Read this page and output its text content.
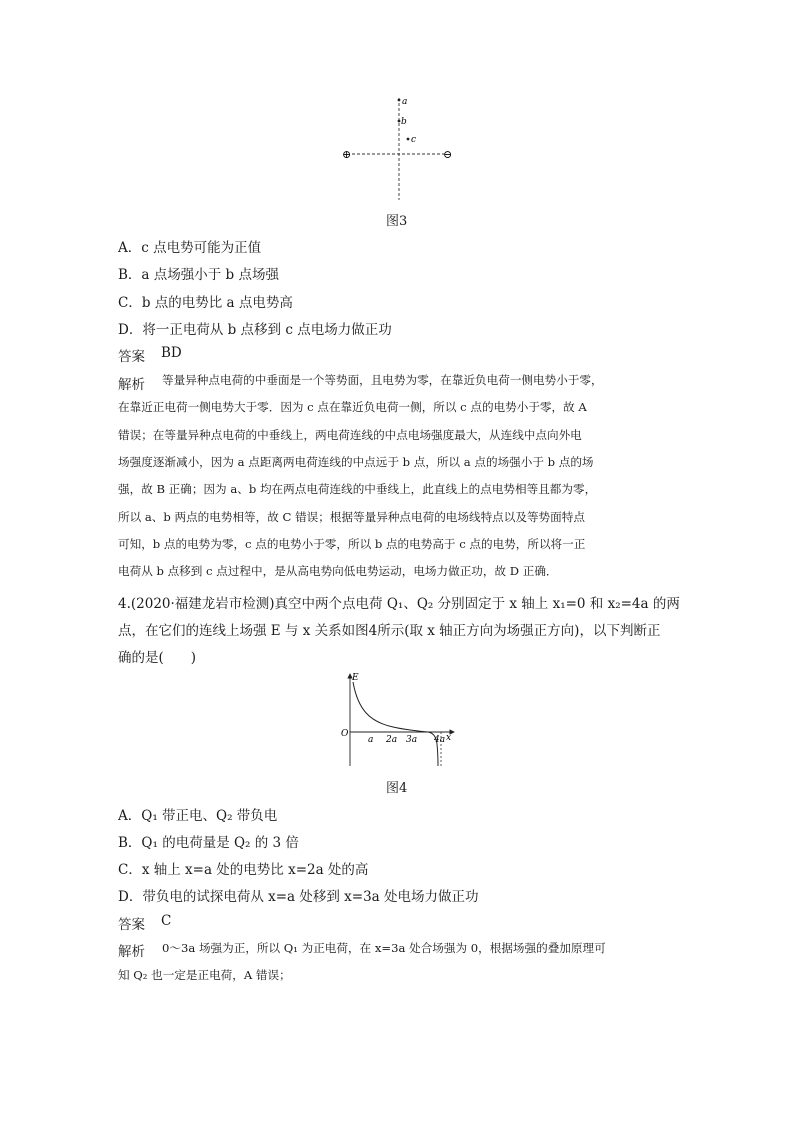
a
b
c
⊕	⊖
图3
A．c 点电势可能为正值
B．a 点场强小于 b 点场强
C．b 点的电势比 a 点电势高
D．将一正电荷从 b 点移到 c 点电场力做正功
答案 BD
解析 等量异种点电荷的中垂面是一个等势面，且电势为零，在靠近负电荷一侧电势小于零，
在靠近正电荷一侧电势大于零．因为 c 点在靠近负电荷一侧，所以 c 点的电势小于零，故 A
错误；在等量异种点电荷的中垂线上，两电荷连线的中点电场强度最大，从连线中点向外电
场强度逐渐减小，因为 a 点距离两电荷连线的中点远于 b 点，所以 a 点的场强小于 b 点的场
强，故 B 正确；因为 a、b 均在两点电荷连线的中垂线上，此直线上的点电势相等且都为零，
所以 a、b 两点的电势相等，故 C 错误；根据等量异种点电荷的电场线特点以及等势面特点
可知，b 点的电势为零，c 点的电势小于零，所以 b 点的电势高于 c 点的电势，所以将一正
电荷从 b 点移到 c 点过程中，是从高电势向低电势运动，电场力做正功，故 D 正确．
4.(2020·福建龙岩市检测)真空中两个点电荷 Q₁、Q₂ 分别固定于 x 轴上 x₁=0 和 x₂=4a 的两
点，在它们的连线上场强 E 与 x 关系如图4所示(取 x 轴正方向为场强正方向)，以下判断正
确的是(　　)
E
O	x
a 2a 3a 4a
图4
A．Q₁ 带正电、Q₂ 带负电
B．Q₁ 的电荷量是 Q₂ 的 3 倍
C．x 轴上 x=a 处的电势比 x=2a 处的高
D．带负电的试探电荷从 x=a 处移到 x=3a 处电场力做正功
答案 C
解析 0～3a 场强为正，所以 Q₁ 为正电荷，在 x=3a 处合场强为 0，根据场强的叠加原理可
知 Q₂ 也一定是正电荷，A 错误；
